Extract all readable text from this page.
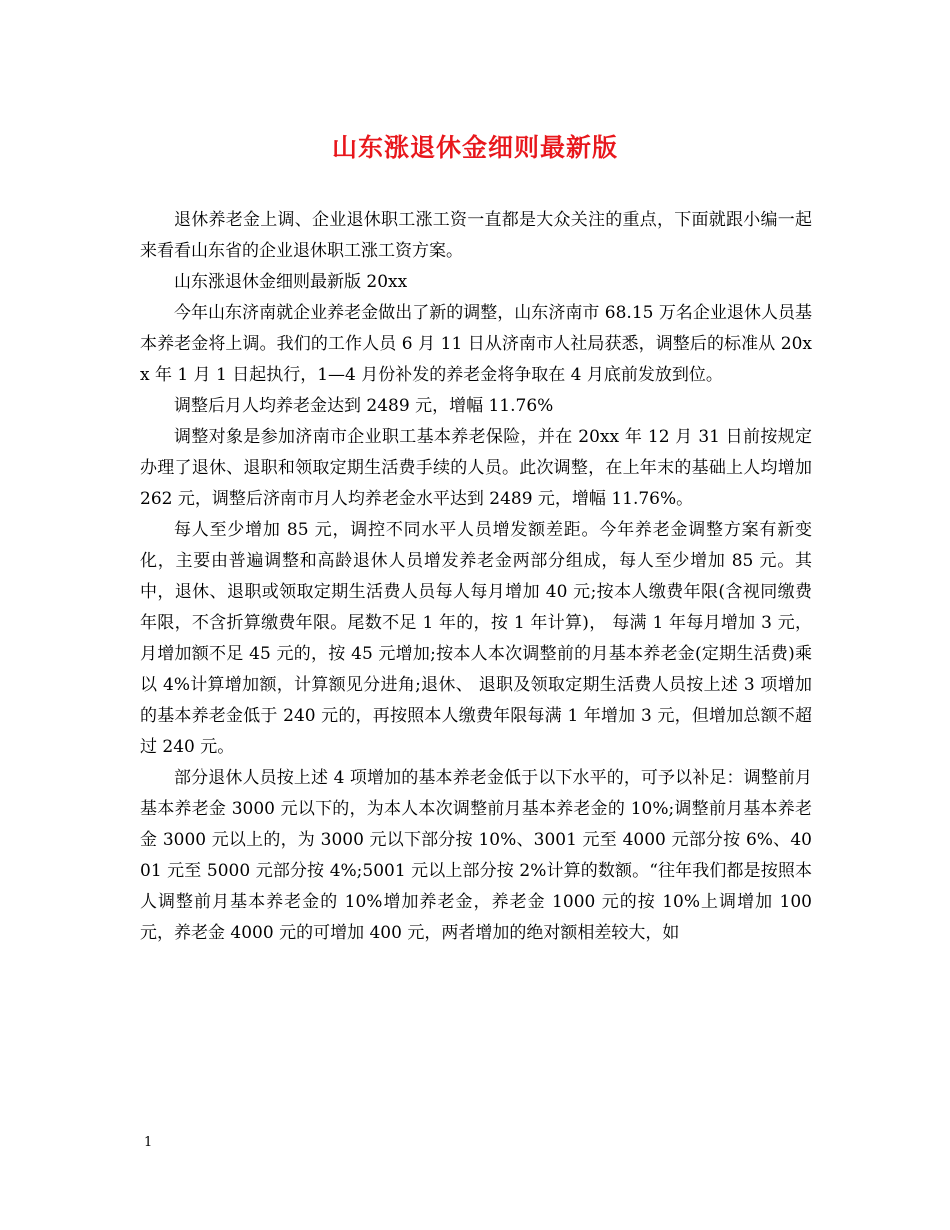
山东涨退休金细则最新版

退休养老金上调、企业退休职工涨工资一直都是大众关注的重点，下面就跟小编一起来看看山东省的企业退休职工涨工资方案。

山东涨退休金细则最新版 20xx

今年山东济南就企业养老金做出了新的调整，山东济南市 68.15 万名企业退休人员基本养老金将上调。我们的工作人员 6 月 11 日从济南市人社局获悉，调整后的标准从 20xx 年 1 月 1 日起执行，1—4 月份补发的养老金将争取在 4 月底前发放到位。

调整后月人均养老金达到 2489 元，增幅 11.76%

调整对象是参加济南市企业职工基本养老保险，并在 20xx 年 12 月 31 日前按规定办理了退休、退职和领取定期生活费手续的人员。此次调整，在上年末的基础上人均增加 262 元，调整后济南市月人均养老金水平达到 2489 元，增幅 11.76%。

每人至少增加 85 元，调控不同水平人员增发额差距。今年养老金调整方案有新变化，主要由普遍调整和高龄退休人员增发养老金两部分组成，每人至少增加 85 元。其中，退休、退职或领取定期生活费人员每人每月增加 40 元;按本人缴费年限(含视同缴费年限，不含折算缴费年限。尾数不足 1 年的，按 1 年计算)， 每满 1 年每月增加 3 元，月增加额不足 45 元的，按 45 元增加;按本人本次调整前的月基本养老金(定期生活费)乘以 4%计算增加额，计算额见分进角;退休、 退职及领取定期生活费人员按上述 3 项增加的基本养老金低于 240 元的，再按照本人缴费年限每满 1 年增加 3 元，但增加总额不超过 240 元。

部分退休人员按上述 4 项增加的基本养老金低于以下水平的，可予以补足：调整前月基本养老金 3000 元以下的，为本人本次调整前月基本养老金的 10%;调整前月基本养老金 3000 元以上的，为 3000 元以下部分按 10%、3001 元至 4000 元部分按 6%、4001 元至 5000 元部分按 4%;5001 元以上部分按 2%计算的数额。“往年我们都是按照本人调整前月基本养老金的 10%增加养老金，养老金 1000 元的按 10%上调增加 100 元，养老金 4000 元的可增加 400 元，两者增加的绝对额相差较大，如

1
